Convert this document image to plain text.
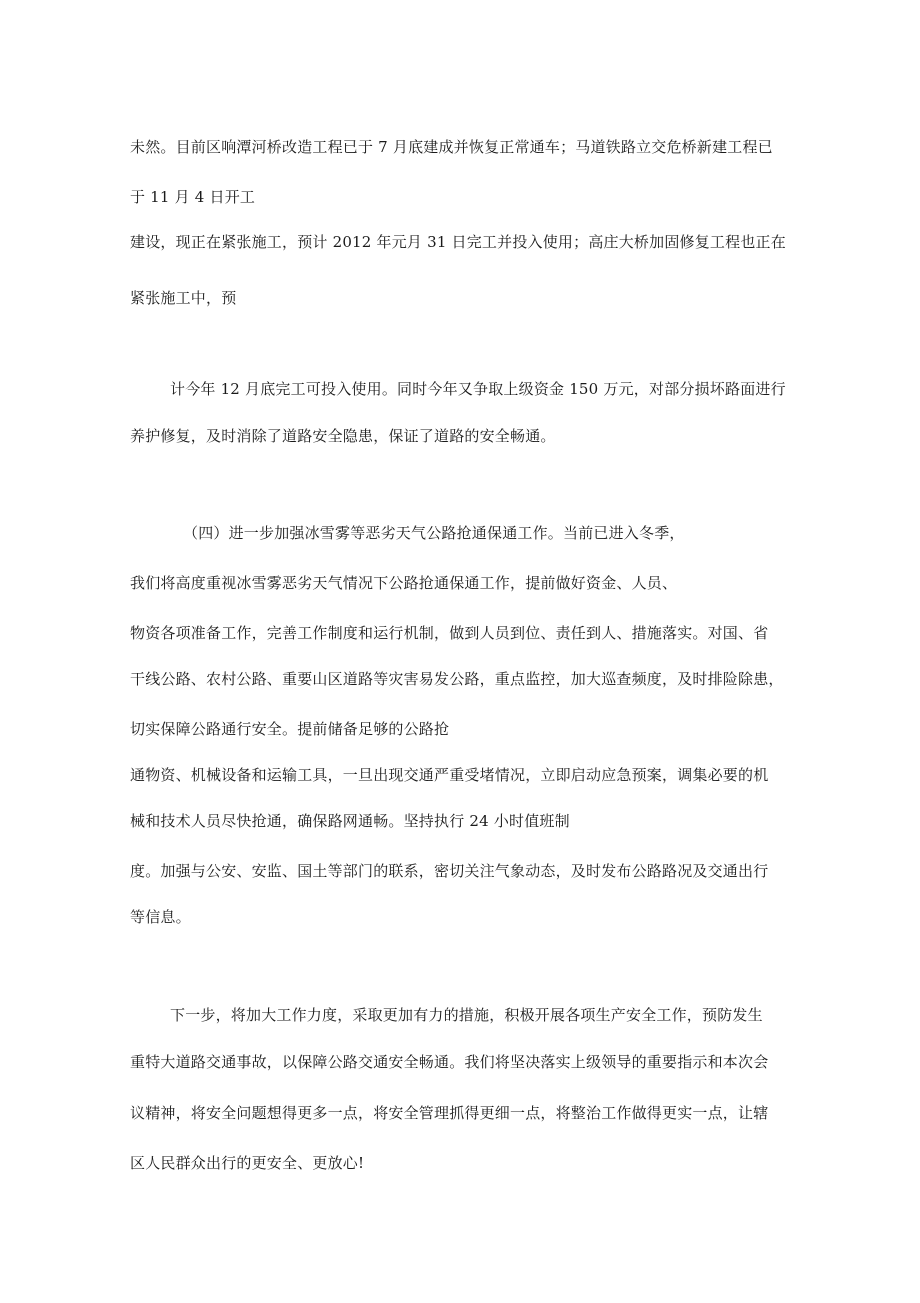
未然。目前区响潭河桥改造工程已于 7 月底建成并恢复正常通车；马道铁路立交危桥新建工程已
于 11 月 4 日开工
建设，现正在紧张施工，预计 2012 年元月 31 日完工并投入使用；高庄大桥加固修复工程也正在
紧张施工中，预
计今年 12 月底完工可投入使用。同时今年又争取上级资金 150 万元，对部分损坏路面进行
养护修复，及时消除了道路安全隐患，保证了道路的安全畅通。
（四）进一步加强冰雪雾等恶劣天气公路抢通保通工作。当前已进入冬季，
我们将高度重视冰雪雾恶劣天气情况下公路抢通保通工作，提前做好资金、人员、
物资各项准备工作，完善工作制度和运行机制，做到人员到位、责任到人、措施落实。对国、省
干线公路、农村公路、重要山区道路等灾害易发公路，重点监控，加大巡查频度，及时排险除患，
切实保障公路通行安全。提前储备足够的公路抢
通物资、机械设备和运输工具，一旦出现交通严重受堵情况，立即启动应急预案，调集必要的机
械和技术人员尽快抢通，确保路网通畅。坚持执行 24 小时值班制
度。加强与公安、安监、国土等部门的联系，密切关注气象动态，及时发布公路路况及交通出行
等信息。
下一步，将加大工作力度，采取更加有力的措施，积极开展各项生产安全工作，预防发生
重特大道路交通事故，以保障公路交通安全畅通。我们将坚决落实上级领导的重要指示和本次会
议精神，将安全问题想得更多一点，将安全管理抓得更细一点，将整治工作做得更实一点，让辖
区人民群众出行的更安全、更放心!
